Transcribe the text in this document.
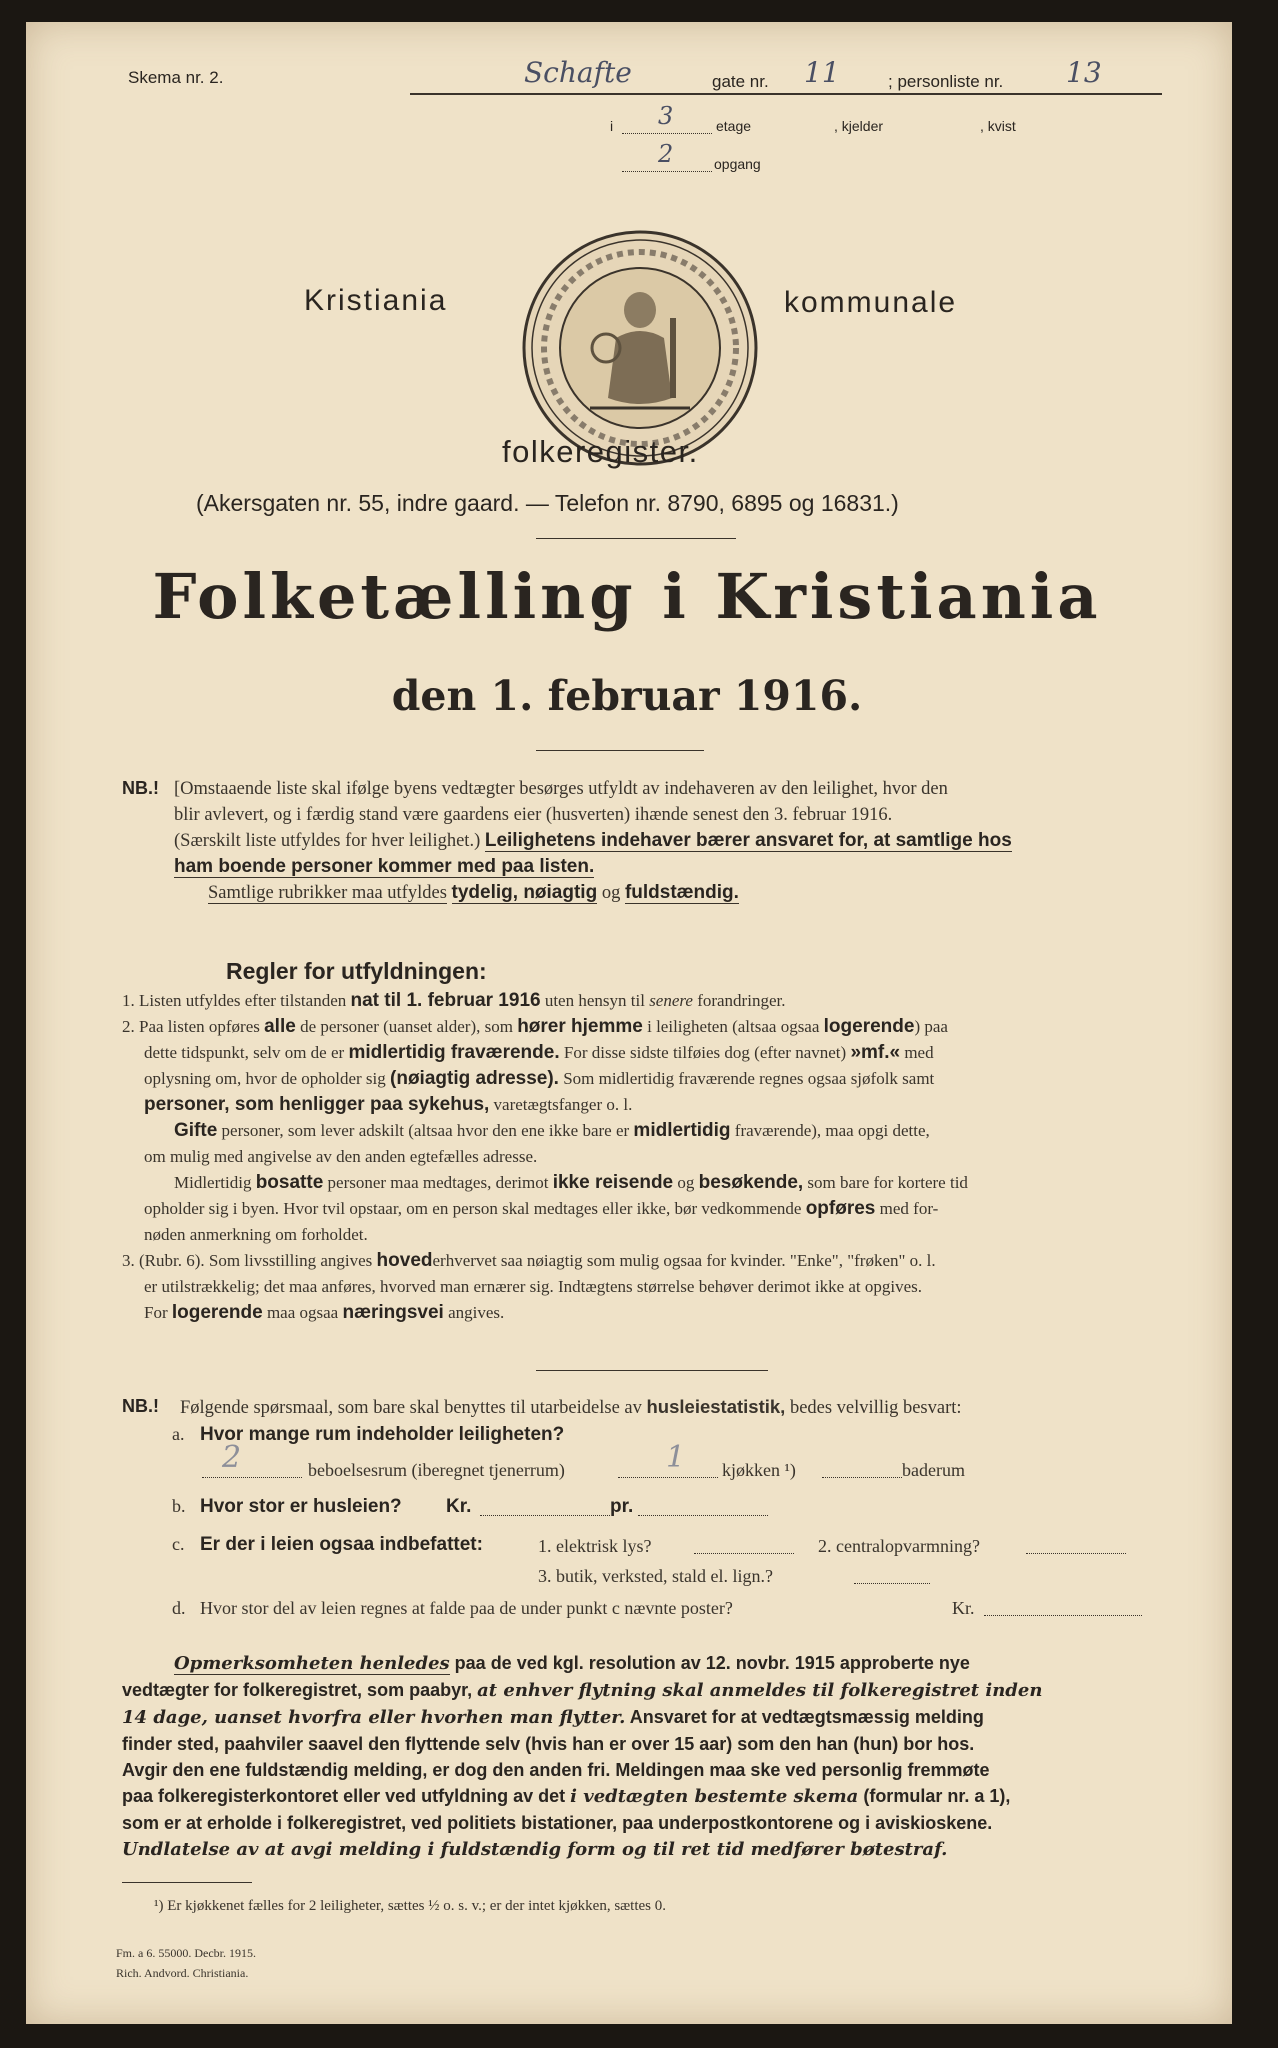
Skema nr. 2.	Schafte	gate nr. 11	; personliste nr. 13
i 3	etage	, kjelder	, kvist
2	opgang
Kristiania	kommunale
folkeregister.
(Akersgaten nr. 55, indre gaard. — Telefon nr. 8790, 6895 og 16831.)
Folketælling i Kristiania
den 1. februar 1916.
NB.! [Omstaaende liste skal ifølge byens vedtægter besørges utfyldt av indehaveren av den leilighet, hvor den
blir avlevert, og i færdig stand være gaardens eier (husverten) ihænde senest den 3. februar 1916.
(Særskilt liste utfyldes for hver leilighet.) Leilighetens indehaver bærer ansvaret for, at samtlige hos
ham boende personer kommer med paa listen.
Samtlige rubrikker maa utfyldes tydelig, nøiagtig og fuldstændig.
Regler for utfyldningen:
1. Listen utfyldes efter tilstanden nat til 1. februar 1916 uten hensyn til senere forandringer.
2. Paa listen opføres alle de personer (uanset alder), som hører hjemme i leiligheten (altsaa ogsaa logerende) paa
dette tidspunkt, selv om de er midlertidig fraværende. For disse sidste tilføies dog (efter navnet) »mf.« med
oplysning om, hvor de opholder sig (nøiagtig adresse). Som midlertidig fraværende regnes ogsaa sjøfolk samt
personer, som henligger paa sykehus, varetægtsfanger o. l.
Gifte personer, som lever adskilt (altsaa hvor den ene ikke bare er midlertidig fraværende), maa opgi dette,
om mulig med angivelse av den anden egtefælles adresse.
Midlertidig bosatte personer maa medtages, derimot ikke reisende og besøkende, som bare for kortere tid
opholder sig i byen. Hvor tvil opstaar, om en person skal medtages eller ikke, bør vedkommende opføres med for-
nøden anmerkning om forholdet.
3. (Rubr. 6). Som livsstilling angives hovederhvervet saa nøiagtig som mulig ogsaa for kvinder. "Enke", "frøken" o. l.
er utilstrækkelig; det maa anføres, hvorved man ernærer sig. Indtægtens størrelse behøver derimot ikke at opgives.
For logerende maa ogsaa næringsvei angives.
NB.! Følgende spørsmaal, som bare skal benyttes til utarbeidelse av husleiestatistik, bedes velvillig besvart:
a. Hvor mange rum indeholder leiligheten?
2	beboelsesrum (iberegnet tjenerrum)	1 kjøkken ¹)	baderum
b. Hvor stor er husleien? Kr.	pr.
c. Er der i leien ogsaa indbefattet:	1. elektrisk lys?	2. centralopvarmning?
3. butik, verksted, stald el. lign.?
d. Hvor stor del av leien regnes at falde paa de under punkt c nævnte poster?	Kr.
Opmerksomheten henledes paa de ved kgl. resolution av 12. novbr. 1915 approberte nye
vedtægter for folkeregistret, som paabyr, at enhver flytning skal anmeldes til folkeregistret inden
14 dage, uanset hvorfra eller hvorhen man flytter. Ansvaret for at vedtægtsmæssig melding
finder sted, paahviler saavel den flyttende selv (hvis han er over 15 aar) som den han (hun) bor hos.
Avgir den ene fuldstændig melding, er dog den anden fri. Meldingen maa ske ved personlig fremmøte
paa folkeregisterkontoret eller ved utfyldning av det i vedtægten bestemte skema (formular nr. a 1),
som er at erholde i folkeregistret, ved politiets bistationer, paa underpostkontorene og i aviskioskene.
Undlatelse av at avgi melding i fuldstændig form og til ret tid medfører bøtestraf.
¹) Er kjøkkenet fælles for 2 leiligheter, sættes ½ o. s. v.; er der intet kjøkken, sættes 0.
Fm. a 6. 55000. Decbr. 1915.
Rich. Andvord. Christiania.
